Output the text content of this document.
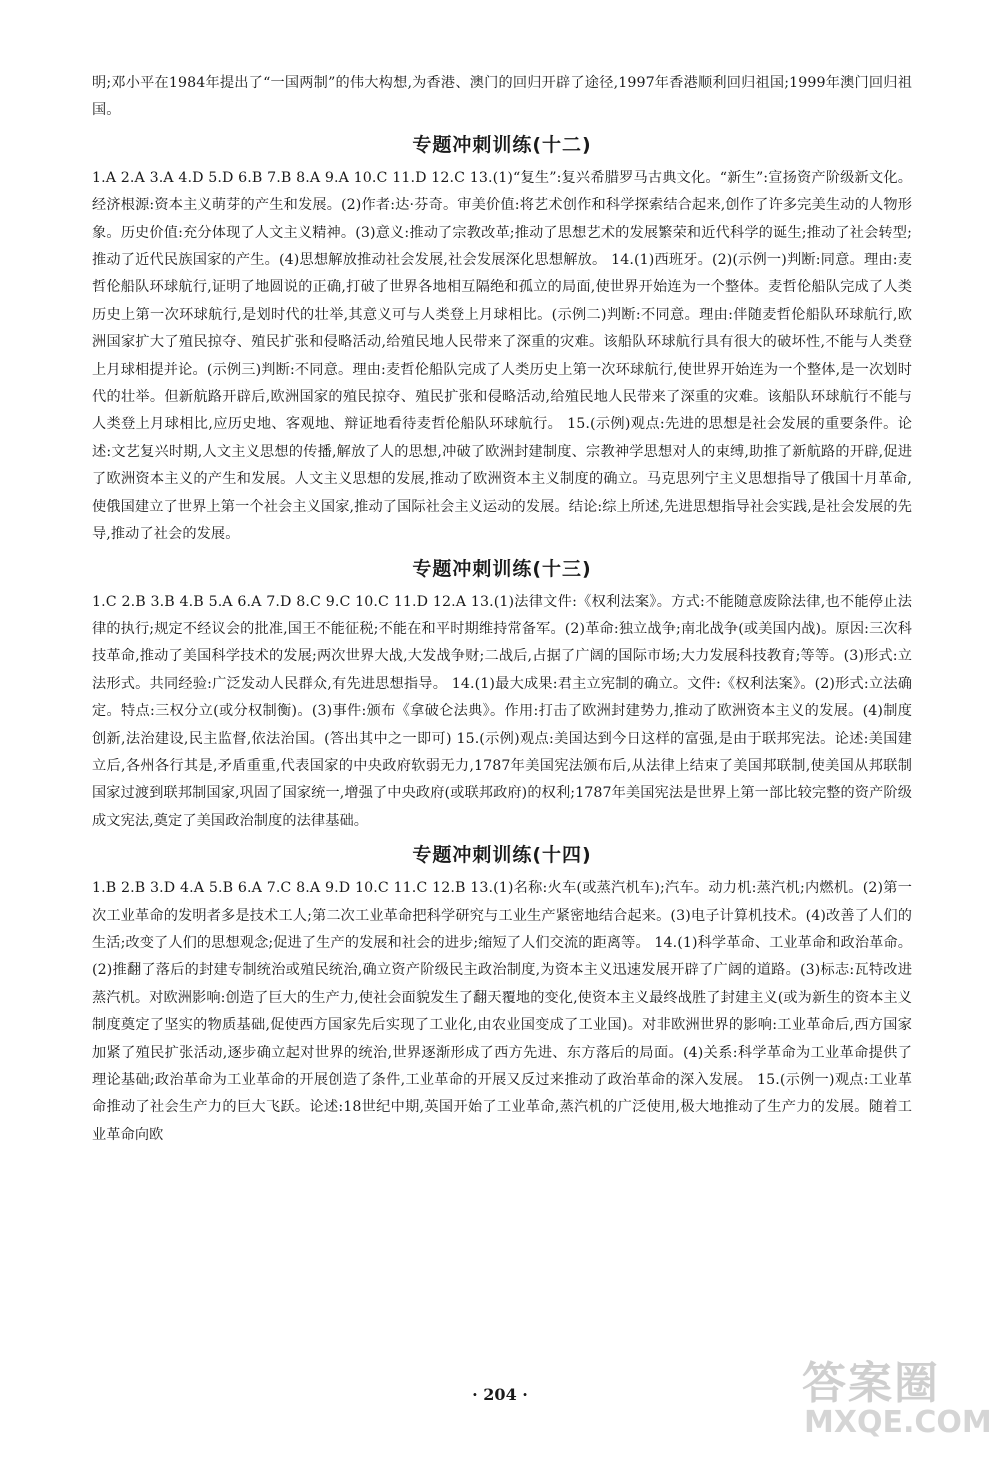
明;邓小平在1984年提出了“一国两制”的伟大构想,为香港、澳门的回归开辟了途径,1997年香港顺利回归祖国;1999年澳门回归祖国。

专题冲刺训练(十二)

1.A 2.A 3.A 4.D 5.D 6.B 7.B 8.A 9.A 10.C 11.D 12.C 13.(1)“复生”:复兴希腊罗马古典文化。“新生”:宣扬资产阶级新文化。经济根源:资本主义萌芽的产生和发展。(2)作者:达·芬奇。审美价值:将艺术创作和科学探索结合起来,创作了许多完美生动的人物形象。历史价值:充分体现了人文主义精神。(3)意义:推动了宗教改革;推动了思想艺术的发展繁荣和近代科学的诞生;推动了社会转型;推动了近代民族国家的产生。(4)思想解放推动社会发展,社会发展深化思想解放。 14.(1)西班牙。(2)(示例一)判断:同意。理由:麦哲伦船队环球航行,证明了地圆说的正确,打破了世界各地相互隔绝和孤立的局面,使世界开始连为一个整体。麦哲伦船队完成了人类历史上第一次环球航行,是划时代的壮举,其意义可与人类登上月球相比。(示例二)判断:不同意。理由:伴随麦哲伦船队环球航行,欧洲国家扩大了殖民掠夺、殖民扩张和侵略活动,给殖民地人民带来了深重的灾难。该船队环球航行具有很大的破坏性,不能与人类登上月球相提并论。(示例三)判断:不同意。理由:麦哲伦船队完成了人类历史上第一次环球航行,使世界开始连为一个整体,是一次划时代的壮举。但新航路开辟后,欧洲国家的殖民掠夺、殖民扩张和侵略活动,给殖民地人民带来了深重的灾难。该船队环球航行不能与人类登上月球相比,应历史地、客观地、辩证地看待麦哲伦船队环球航行。 15.(示例)观点:先进的思想是社会发展的重要条件。论述:文艺复兴时期,人文主义思想的传播,解放了人的思想,冲破了欧洲封建制度、宗教神学思想对人的束缚,助推了新航路的开辟,促进了欧洲资本主义的产生和发展。人文主义思想的发展,推动了欧洲资本主义制度的确立。马克思列宁主义思想指导了俄国十月革命,使俄国建立了世界上第一个社会主义国家,推动了国际社会主义运动的发展。结论:综上所述,先进思想指导社会实践,是社会发展的先导,推动了社会的发展。

专题冲刺训练(十三)

1.C 2.B 3.B 4.B 5.A 6.A 7.D 8.C 9.C 10.C 11.D 12.A 13.(1)法律文件:《权利法案》。方式:不能随意废除法律,也不能停止法律的执行;规定不经议会的批准,国王不能征税;不能在和平时期维持常备军。(2)革命:独立战争;南北战争(或美国内战)。原因:三次科技革命,推动了美国科学技术的发展;两次世界大战,大发战争财;二战后,占据了广阔的国际市场;大力发展科技教育;等等。(3)形式:立法形式。共同经验:广泛发动人民群众,有先进思想指导。 14.(1)最大成果:君主立宪制的确立。文件:《权利法案》。(2)形式:立法确定。特点:三权分立(或分权制衡)。(3)事件:颁布《拿破仑法典》。作用:打击了欧洲封建势力,推动了欧洲资本主义的发展。(4)制度创新,法治建设,民主监督,依法治国。(答出其中之一即可) 15.(示例)观点:美国达到今日这样的富强,是由于联邦宪法。论述:美国建立后,各州各行其是,矛盾重重,代表国家的中央政府软弱无力,1787年美国宪法颁布后,从法律上结束了美国邦联制,使美国从邦联制国家过渡到联邦制国家,巩固了国家统一,增强了中央政府(或联邦政府)的权利;1787年美国宪法是世界上第一部比较完整的资产阶级成文宪法,奠定了美国政治制度的法律基础。

专题冲刺训练(十四)

1.B 2.B 3.D 4.A 5.B 6.A 7.C 8.A 9.D 10.C 11.C 12.B 13.(1)名称:火车(或蒸汽机车);汽车。动力机:蒸汽机;内燃机。(2)第一次工业革命的发明者多是技术工人;第二次工业革命把科学研究与工业生产紧密地结合起来。(3)电子计算机技术。(4)改善了人们的生活;改变了人们的思想观念;促进了生产的发展和社会的进步;缩短了人们交流的距离等。 14.(1)科学革命、工业革命和政治革命。(2)推翻了落后的封建专制统治或殖民统治,确立资产阶级民主政治制度,为资本主义迅速发展开辟了广阔的道路。(3)标志:瓦特改进蒸汽机。对欧洲影响:创造了巨大的生产力,使社会面貌发生了翻天覆地的变化,使资本主义最终战胜了封建主义(或为新生的资本主义制度奠定了坚实的物质基础,促使西方国家先后实现了工业化,由农业国变成了工业国)。对非欧洲世界的影响:工业革命后,西方国家加紧了殖民扩张活动,逐步确立起对世界的统治,世界逐渐形成了西方先进、东方落后的局面。(4)关系:科学革命为工业革命提供了理论基础;政治革命为工业革命的开展创造了条件,工业革命的开展又反过来推动了政治革命的深入发展。 15.(示例一)观点:工业革命推动了社会生产力的巨大飞跃。论述:18世纪中期,英国开始了工业革命,蒸汽机的广泛使用,极大地推动了生产力的发展。随着工业革命向欧

· 204 ·	答案圈
MXQE.COM
